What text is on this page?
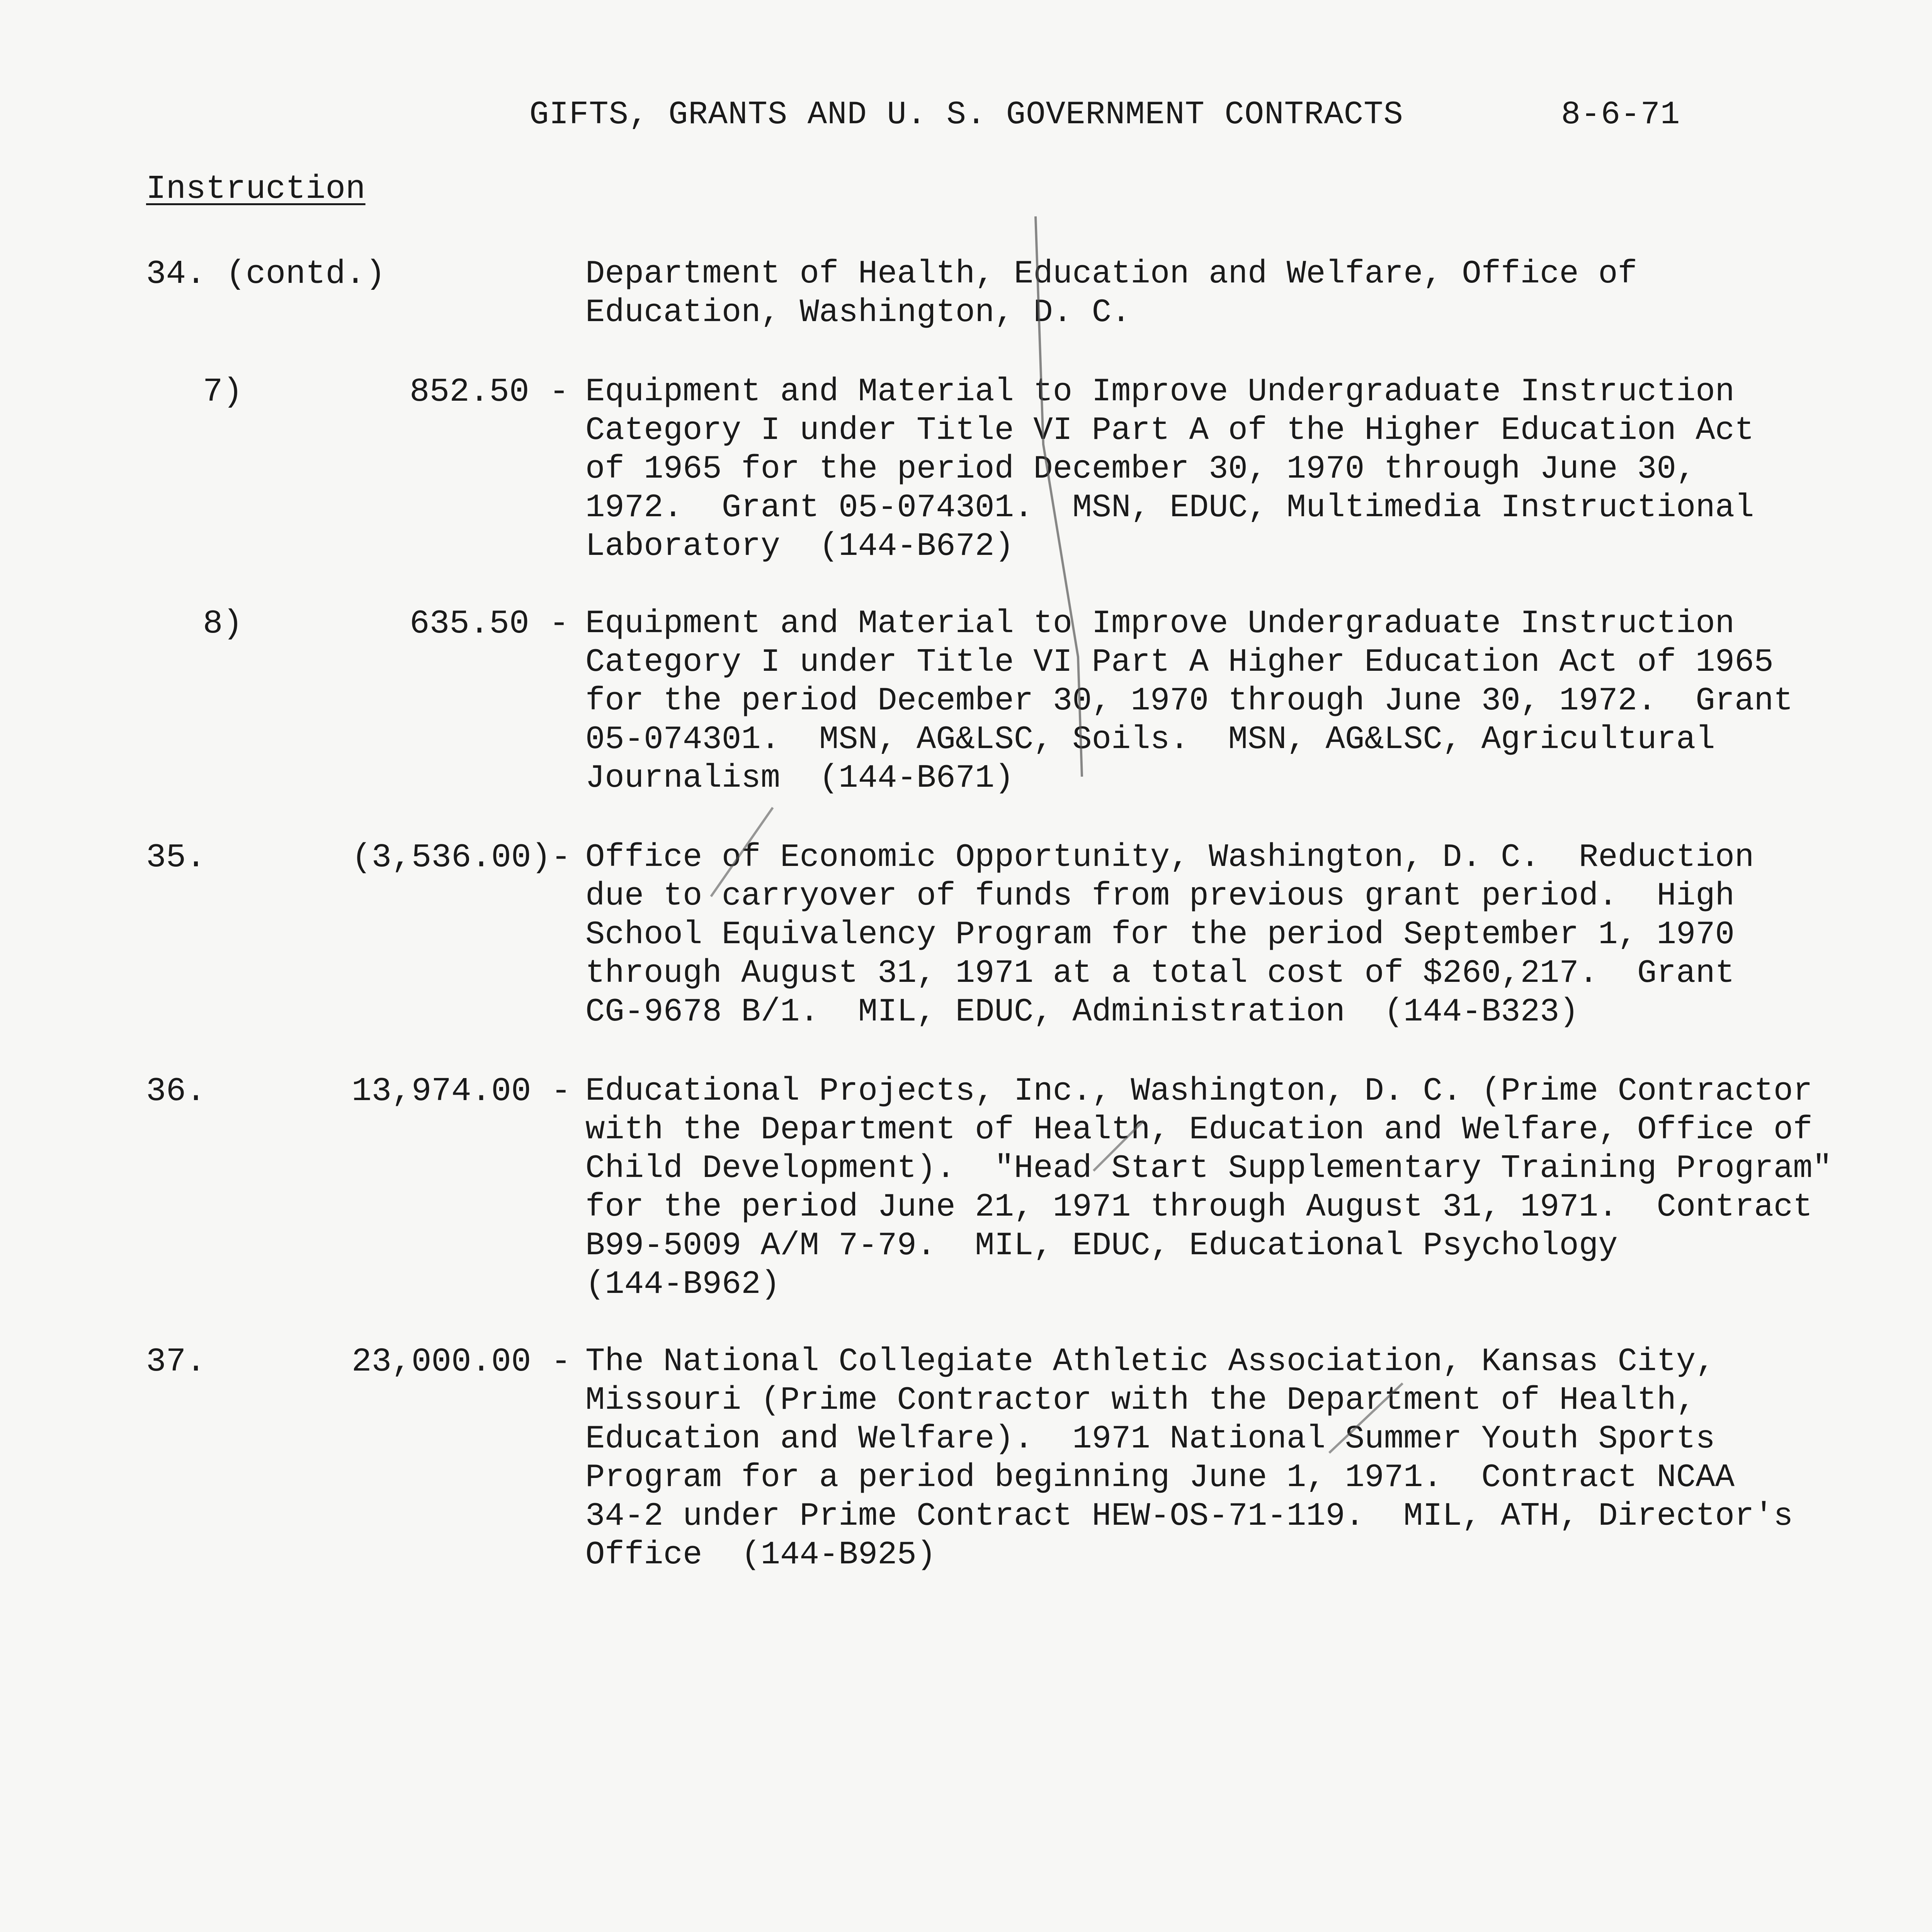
GIFTS, GRANTS AND U. S. GOVERNMENT CONTRACTS	8-6-71
Instruction
34. (contd.)	Department of Health, Education and Welfare, Office of
Education, Washington, D. C.
7)	852.50 - Equipment and Material to Improve Undergraduate Instruction
Category I under Title VI Part A of the Higher Education Act
of 1965 for the period December 30, 1970 through June 30,
1972.  Grant 05-074301.  MSN, EDUC, Multimedia Instructional
Laboratory  (144-B672)
8)	635.50 - Equipment and Material to Improve Undergraduate Instruction
Category I under Title VI Part A Higher Education Act of 1965
for the period December 30, 1970 through June 30, 1972.  Grant
05-074301.  MSN, AG&LSC, Soils.  MSN, AG&LSC, Agricultural
Journalism  (144-B671)
35.	(3,536.00)- Office of Economic Opportunity, Washington, D. C.  Reduction
due to carryover of funds from previous grant period.  High
School Equivalency Program for the period September 1, 1970
through August 31, 1971 at a total cost of $260,217.  Grant
CG-9678 B/1.  MIL, EDUC, Administration  (144-B323)
36.	13,974.00 - Educational Projects, Inc., Washington, D. C. (Prime Contractor
with the Department of Health, Education and Welfare, Office of
Child Development).  "Head Start Supplementary Training Program"
for the period June 21, 1971 through August 31, 1971.  Contract
B99-5009 A/M 7-79.  MIL, EDUC, Educational Psychology
(144-B962)
37.	23,000.00 - The National Collegiate Athletic Association, Kansas City,
Missouri (Prime Contractor with the Department of Health,
Education and Welfare).  1971 National Summer Youth Sports
Program for a period beginning June 1, 1971.  Contract NCAA
34-2 under Prime Contract HEW-OS-71-119.  MIL, ATH, Director's
Office  (144-B925)
